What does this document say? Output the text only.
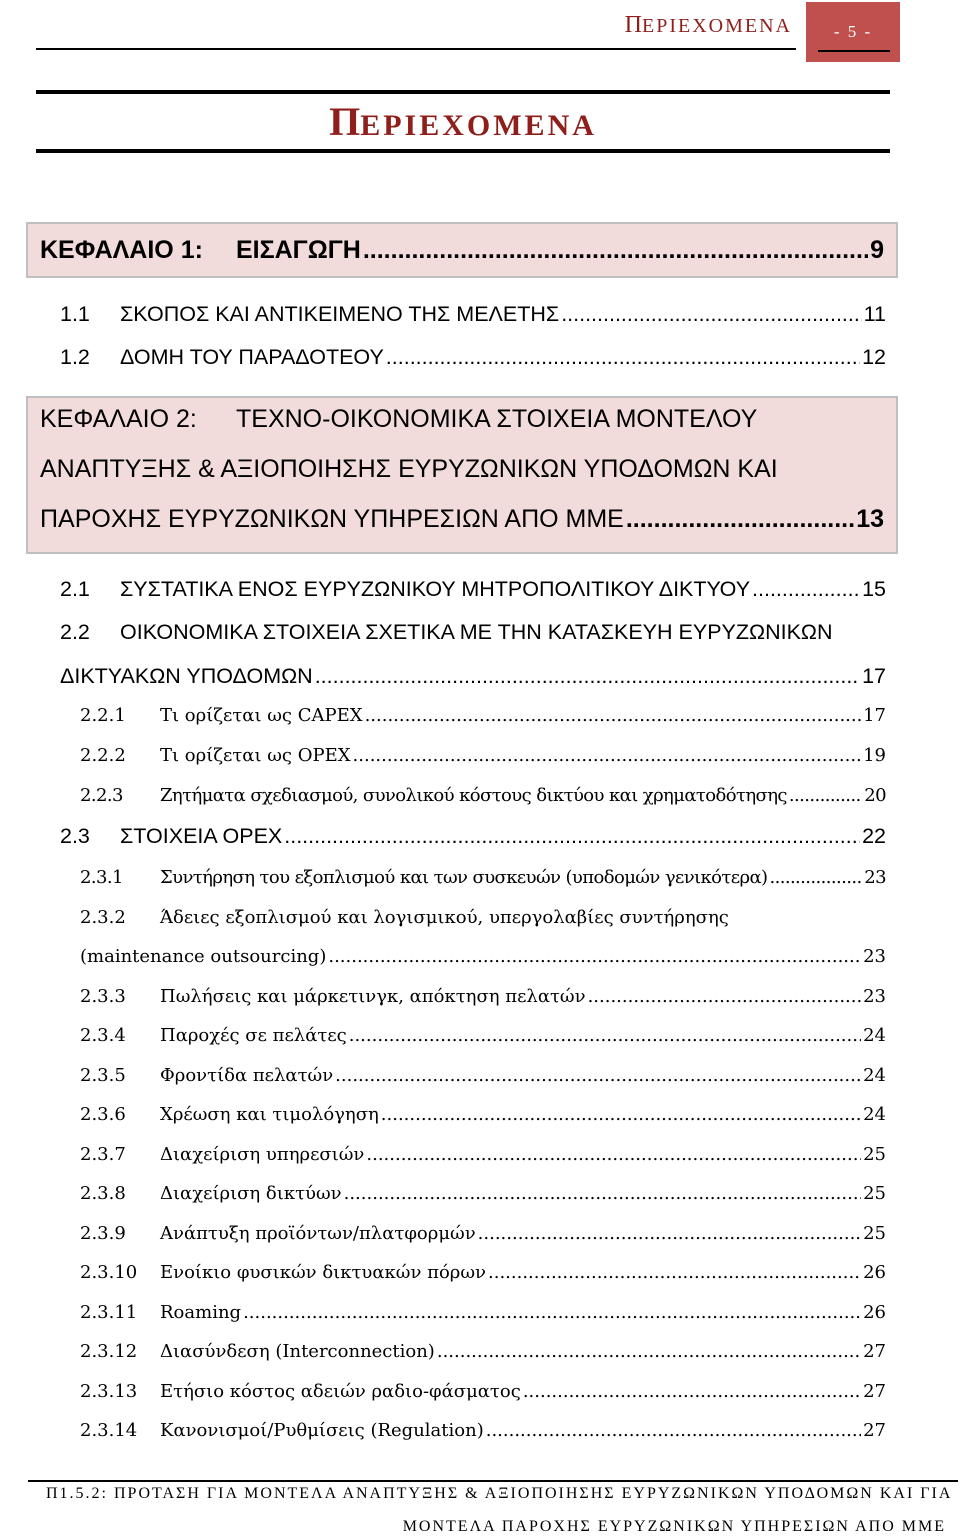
ΠΕΡΙΕΧΟΜΕΝΑ	- 5 -
ΠΕΡΙΕΧΟΜΕΝΑ
ΚΕΦΑΛΑΙΟ 1:	ΕΙΣΑΓΩΓΗ .....	9
1.1	ΣΚΟΠΟΣ ΚΑΙ ΑΝΤΙΚΕΙΜΕΝΟ ΤΗΣ ΜΕΛΕΤΗΣ .....	11
1.2	ΔΟΜΗ ΤΟΥ ΠΑΡΑΔΟΤΕΟΥ .....	12
ΚΕΦΑΛΑΙΟ 2: ΤΕΧΝΟ-ΟΙΚΟΝΟΜΙΚΑ ΣΤΟΙΧΕΙΑ ΜΟΝΤΕΛΟΥ
ΑΝΑΠΤΥΞΗΣ & ΑΞΙΟΠΟΙΗΣΗΣ ΕΥΡΥΖΩΝΙΚΩΝ ΥΠΟΔΟΜΩΝ ΚΑΙ
ΠΑΡΟΧΗΣ ΕΥΡΥΖΩΝΙΚΩΝ ΥΠΗΡΕΣΙΩΝ ΑΠΟ ΜΜΕ .....	13
2.1	ΣΥΣΤΑΤΙΚΑ ΕΝΟΣ ΕΥΡΥΖΩΝΙΚΟΥ ΜΗΤΡΟΠΟΛΙΤΙΚΟΥ ΔΙΚΤΥΟΥ .....	15
2.2 ΟΙΚΟΝΟΜΙΚΑ ΣΤΟΙΧΕΙΑ ΣΧΕΤΙΚΑ ΜΕ ΤΗΝ ΚΑΤΑΣΚΕΥΗ ΕΥΡΥΖΩΝΙΚΩΝ
ΔΙΚΤΥΑΚΩΝ ΥΠΟΔΟΜΩΝ .....	17
2.2.1	Τι ορίζεται ως CAPEX .....	17
2.2.2	Τι ορίζεται ως OPEX .....	19
2.2.3	Ζητήματα σχεδιασμού, συνολικού κόστους δικτύου και χρηματοδότησης .....	20
2.3	ΣΤΟΙΧΕΙΑ OPEX .....	22
2.3.1	Συντήρηση του εξοπλισμού και των συσκευών (υποδομών γενικότερα) .....	23
2.3.2 Άδειες εξοπλισμού και λογισμικού, υπεργολαβίες συντήρησης
(maintenance outsourcing) .....	23
2.3.3	Πωλήσεις και μάρκετινγκ, απόκτηση πελατών .....	23
2.3.4	Παροχές σε πελάτες .....	24
2.3.5	Φροντίδα πελατών .....	24
2.3.6	Χρέωση και τιμολόγηση .....	24
2.3.7	Διαχείριση υπηρεσιών .....	25
2.3.8	Διαχείριση δικτύων .....	25
2.3.9	Ανάπτυξη προϊόντων/πλατφορμών .....	25
2.3.10	Ενοίκιο φυσικών δικτυακών πόρων .....	26
2.3.11	Roaming .....	26
2.3.12	Διασύνδεση (Interconnection) .....	27
2.3.13	Ετήσιο κόστος αδειών ραδιο-φάσματος .....	27
2.3.14	Κανονισμοί/Ρυθμίσεις (Regulation) .....	27
Π1.5.2: ΠΡΟΤΑΣΗ ΓΙΑ ΜΟΝΤΕΛΑ ΑΝΑΠΤΥΞΗΣ & ΑΞΙΟΠΟΙΗΣΗΣ ΕΥΡΥΖΩΝΙΚΩΝ ΥΠΟΔΟΜΩΝ ΚΑΙ ΓΙΑ
ΜΟΝΤΕΛΑ ΠΑΡΟΧΗΣ ΕΥΡΥΖΩΝΙΚΩΝ ΥΠΗΡΕΣΙΩΝ ΑΠΟ ΜΜΕ
